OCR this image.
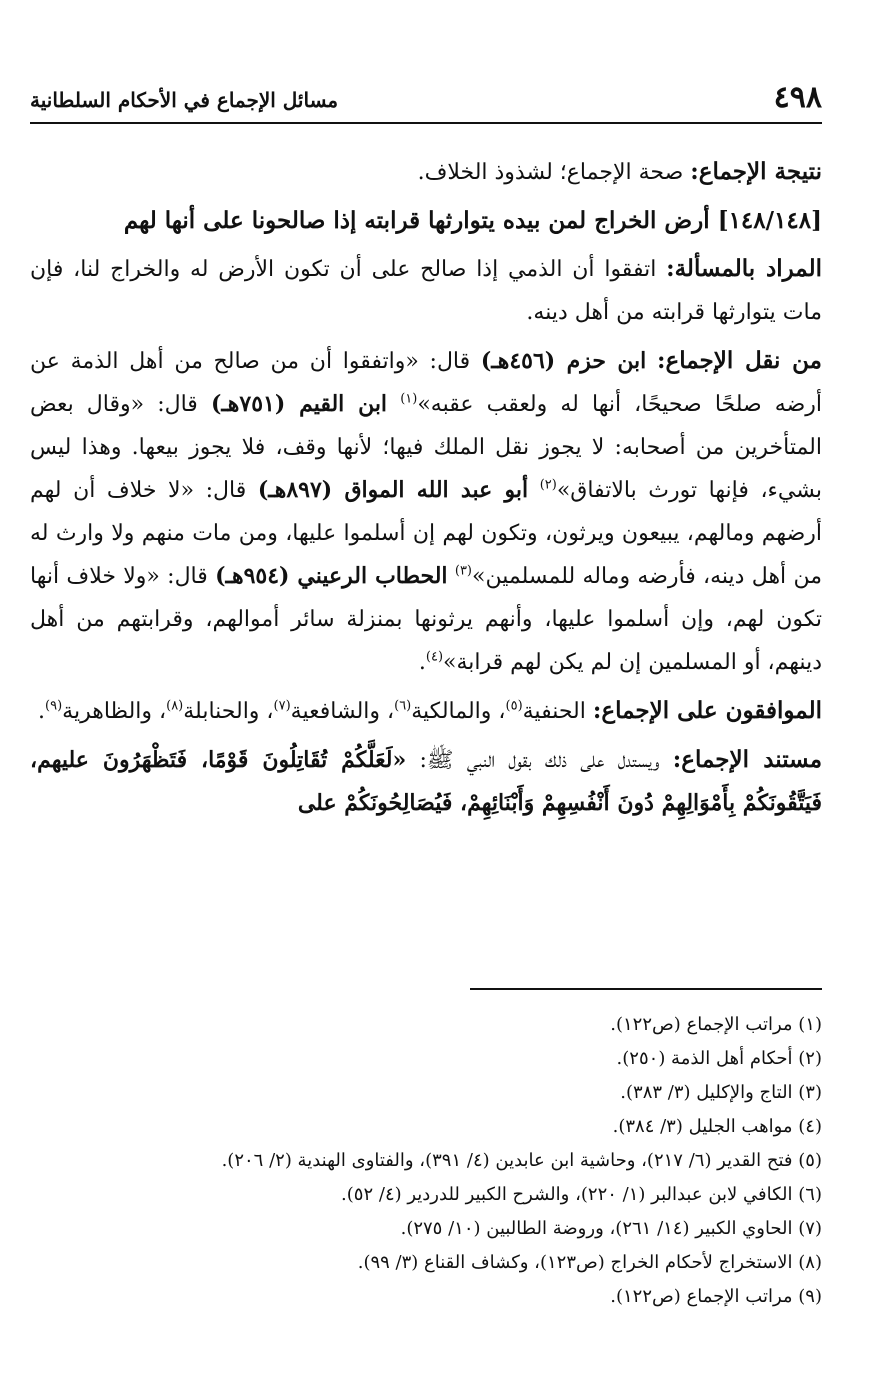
٤٩٨
مسائل الإجماع في الأحكام السلطانية

نتيجة الإجماع: صحة الإجماع؛ لشذوذ الخلاف.

[١٤٨/١٤٨] أرض الخراج لمن بيده يتوارثها قرابته إذا صالحونا على أنها لهم

المراد بالمسألة: اتفقوا أن الذمي إذا صالح على أن تكون الأرض له والخراج لنا، فإن مات يتوارثها قرابته من أهل دينه.

من نقل الإجماع: ابن حزم (٤٥٦هـ) قال: «واتفقوا أن من صالح من أهل الذمة عن أرضه صلحًا صحيحًا، أنها له ولعقب عقبه»$^{(١)}$ ابن القيم (٧٥١هـ) قال: «وقال بعض المتأخرين من أصحابه: لا يجوز نقل الملك فيها؛ لأنها وقف، فلا يجوز بيعها. وهذا ليس بشيء، فإنها تورث بالاتفاق»$^{(٢)}$ أبو عبد الله المواق (٨٩٧هـ) قال: «لا خلاف أن لهم أرضهم ومالهم، يبيعون ويرثون، وتكون لهم إن أسلموا عليها، ومن مات منهم ولا وارث له من أهل دينه، فأرضه وماله للمسلمين»$^{(٣)}$ الحطاب الرعيني (٩٥٤هـ) قال: «ولا خلاف أنها تكون لهم، وإن أسلموا عليها، وأنهم يرثونها بمنزلة سائر أموالهم، وقرابتهم من أهل دينهم، أو المسلمين إن لم يكن لهم قرابة»$^{(٤)}$.

الموافقون على الإجماع: الحنفية$^{(٥)}$، والمالكية$^{(٦)}$، والشافعية$^{(٧)}$، والحنابلة$^{(٨)}$، والظاهرية$^{(٩)}$.

مستند الإجماع: ويستدل على ذلك بقول النبي ﷺ: «لَعَلَّكُمْ تُقَاتِلُونَ قَوْمًا، فَتَظْهَرُونَ عليهم، فَيَتَّقُونَكُمْ بِأَمْوَالِهِمْ دُونَ أَنْفُسِهِمْ وَأَبْنَائِهِمْ، فَيُصَالِحُونَكُمْ على

(١) مراتب الإجماع (ص١٢٢).

(٢) أحكام أهل الذمة (٢٥٠).

(٣) التاج والإكليل (٣/ ٣٨٣).

(٤) مواهب الجليل (٣/ ٣٨٤).

(٥) فتح القدير (٦/ ٢١٧)، وحاشية ابن عابدين (٤/ ٣٩١)، والفتاوى الهندية (٢/ ٢٠٦).

(٦) الكافي لابن عبدالبر (١/ ٢٢٠)، والشرح الكبير للدردير (٤/ ٥٢).

(٧) الحاوي الكبير (١٤/ ٢٦١)، وروضة الطالبين (١٠/ ٢٧٥).

(٨) الاستخراج لأحكام الخراج (ص١٢٣)، وكشاف القناع (٣/ ٩٩).

(٩) مراتب الإجماع (ص١٢٢).
